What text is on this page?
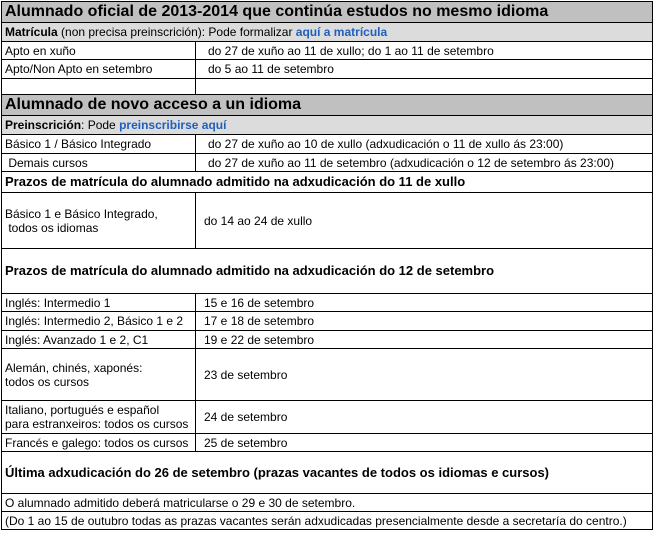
Alumnado oficial de 2013-2014 que continúa estudos no mesmo idioma	
Matrícula (non precisa preinscrición): Pode formalizar aquí a matrícula	
Apto en xuño	do 27 de xuño ao 11 de xullo; do 1 ao 11 de setembro
Apto/Non Apto en setembro	do 5 ao 11 de setembro

Alumnado de novo acceso a un idioma	
Preinscrición: Pode preinscribirse aquí	
Básico 1 / Básico Integrado	do 27 de xuño ao 10 de xullo (adxudicación o 11 de xullo ás 23:00)
Demais cursos	do 27 de xuño ao 11 de setembro (adxudicación o 12 de setembro ás 23:00)
Prazos de matrícula do alumnado admitido na adxudicación do 11 de xullo	

Básico 1 e Básico Integrado,
todos os idiomas	do 14 ao 24 de xullo
Prazos de matrícula do alumnado admitido na adxudicación do 12 de setembro	
Inglés: Intermedio 1	15 e 16 de setembro
Inglés: Intermedio 2, Básico 1 e 2	17 e 18 de setembro
Inglés: Avanzado 1 e 2, C1	19 e 22 de setembro

Alemán, chinés, xaponés:
todos os cursos	23 de setembro

Italiano, portugués e español
para estranxeiros: todos os cursos	24 de setembro
Francés e galego: todos os cursos	25 de setembro
Última adxudicación do 26 de setembro (prazas vacantes de todos os idiomas e cursos)	
O alumnado admitido deberá matricularse o 29 e 30 de setembro.	
(Do 1 ao 15 de outubro todas as prazas vacantes serán adxudicadas presencialmente desde a secretaría do centro.)	
